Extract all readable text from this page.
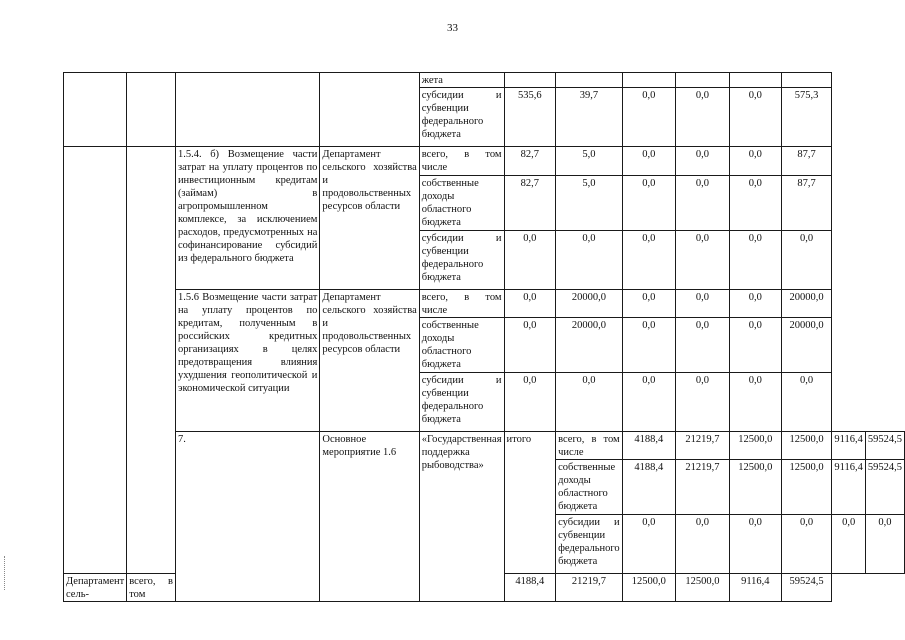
33
				жета								
				субсидии и субвенции федерального бюджета	535,6	39,7	0,0	0,0	0,0	575,3		
		1.5.4. б) Возмещение части затрат на уплату процентов по инвестиционным кредитам (займам) в агропромышленном комплексе, за исключением расходов, предусмотренных на софинансирование субсидий из федерального бюджета	Департамент сельского хозяйства и продовольственных ресурсов области	всего, в том числе	82,7	5,0	0,0	0,0	0,0	87,7		
				собственные доходы областного бюджета	82,7	5,0	0,0	0,0	0,0	87,7		
				субсидии и субвенции федерального бюджета	0,0	0,0	0,0	0,0	0,0	0,0		
		1.5.6 Возмещение части затрат на уплату процентов по кредитам, полученным в российских кредитных организациях в целях предотвращения влияния ухудшения геополитической и экономической ситуации	Департамент сельского хозяйства и продовольственных ресурсов области	всего, в том числе	0,0	20000,0	0,0	0,0	0,0	20000,0		
				собственные доходы областного бюджета	0,0	20000,0	0,0	0,0	0,0	20000,0		
				субсидии и субвенции федерального бюджета	0,0	0,0	0,0	0,0	0,0	0,0		
		7.	Основное мероприятие 1.6	«Государственная поддержка рыбоводства»	итого	всего, в том числе	4188,4	21219,7	12500,0	12500,0	9116,4	59524,5
						собственные доходы областного бюджета	4188,4	21219,7	12500,0	12500,0	9116,4	59524,5
						субсидии и субвенции федерального бюджета	0,0	0,0	0,0	0,0	0,0	0,0
Департамент сель-	всего, в том				4188,4	21219,7	12500,0	12500,0	9116,4	59524,5		
